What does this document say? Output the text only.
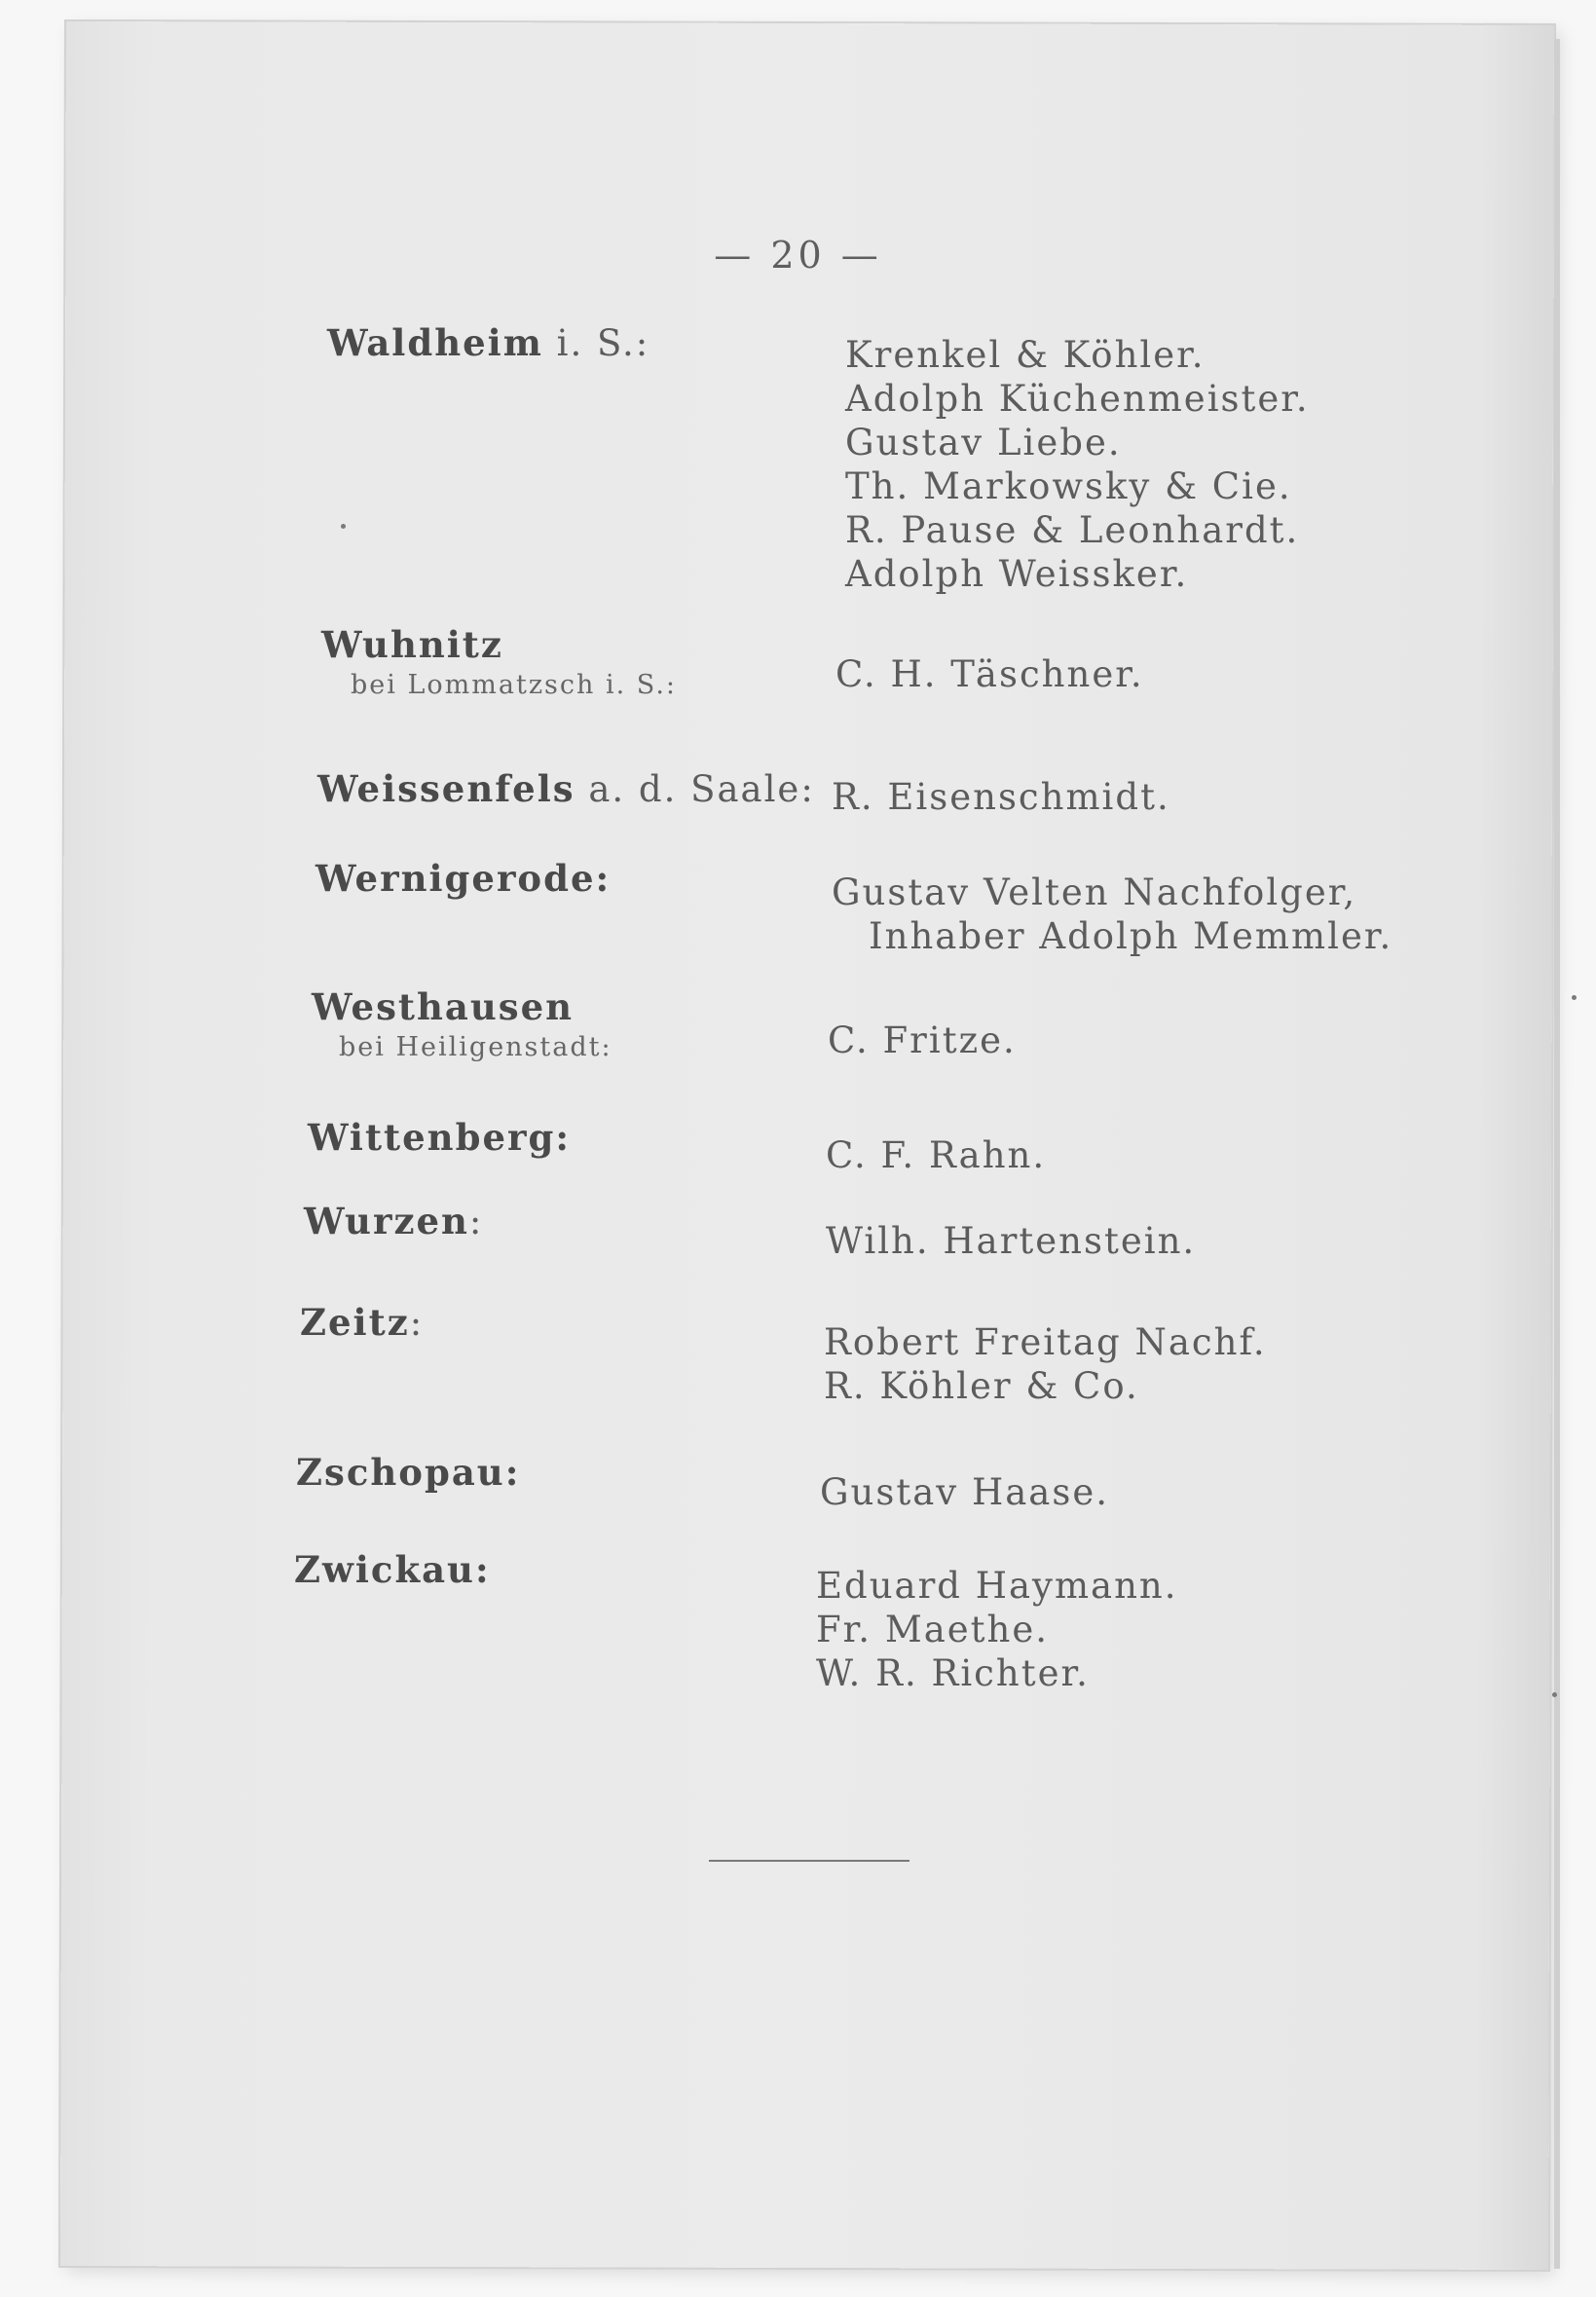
— 20 —
Waldheim i. S.:	Krenkel & Köhler.
Adolph Küchenmeister.
Gustav Liebe.
Th. Markowsky & Cie.
R. Pause & Leonhardt.
Adolph Weissker.
Wuhnitz
bei Lommatzsch i. S.:	C. H. Täschner.
Weissenfels a. d. Saale: R. Eisenschmidt.
Wernigerode:	Gustav Velten Nachfolger,
Inhaber Adolph Memmler.
Westhausen
bei Heiligenstadt:	C. Fritze.
Wittenberg:	C. F. Rahn.
Wurzen:	Wilh. Hartenstein.
Zeitz:	Robert Freitag Nachf.
R. Köhler & Co.
Zschopau:	Gustav Haase.
Zwickau:	Eduard Haymann.
Fr. Maethe.
W. R. Richter.
